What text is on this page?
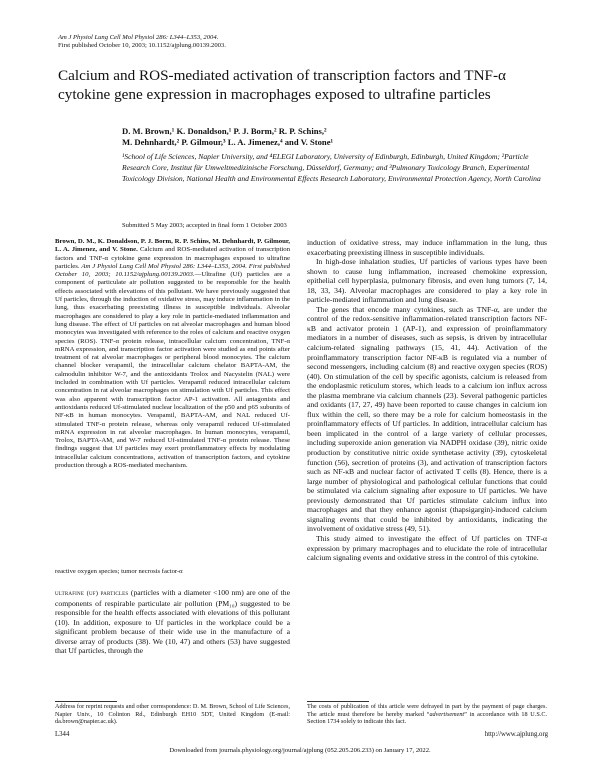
Am J Physiol Lung Cell Mol Physiol 286: L344–L353, 2004.
First published October 10, 2003; 10.1152/ajplung.00139.2003.
Calcium and ROS-mediated activation of transcription factors and TNF-α cytokine gene expression in macrophages exposed to ultrafine particles
D. M. Brown,¹ K. Donaldson,¹ P. J. Borm,² R. P. Schins,²
M. Dehnhardt,² P. Gilmour,³ L. A. Jimenez,⁴ and V. Stone¹
¹School of Life Sciences, Napier University, and ⁴ELEGI Laboratory, University of Edinburgh, Edinburgh, United Kingdom; ²Particle Research Core, Institut für Umweltmedizinische Forschung, Düsseldorf, Germany; and ³Pulmonary Toxicology Branch, Experimental Toxicology Division, National Health and Environmental Effects Research Laboratory, Environmental Protection Agency, North Carolina
Submitted 5 May 2003; accepted in final form 1 October 2003
Brown, D. M., K. Donaldson, P. J. Borm, R. P. Schins, M. Dehnhardt, P. Gilmour, L. A. Jimenez, and V. Stone. Calcium and ROS-mediated activation of transcription factors and TNF-α cytokine gene expression in macrophages exposed to ultrafine particles. Am J Physiol Lung Cell Mol Physiol 286: L344–L353, 2004. First published October 10, 2003; 10.1152/ajplung.00139.2003.—Ultrafine (Uf) particles are a component of particulate air pollution suggested to be responsible for the health effects associated with elevations of this pollutant. We have previously suggested that Uf particles, through the induction of oxidative stress, may induce inflammation in the lung, thus exacerbating preexisting illness in susceptible individuals. Alveolar macrophages are considered to play a key role in particle-mediated inflammation and lung disease. The effect of Uf particles on rat alveolar macrophages and human blood monocytes was investigated with reference to the roles of calcium and reactive oxygen species (ROS). TNF-α protein release, intracellular calcium concentration, TNF-α mRNA expression, and transcription factor activation were studied as end points after treatment of rat alveolar macrophages or peripheral blood monocytes. The calcium channel blocker verapamil, the intracellular calcium chelator BAPTA-AM, the calmodulin inhibitor W-7, and the antioxidants Trolox and Nacystelin (NAL) were included in combination with Uf particles. Verapamil reduced intracellular calcium concentration in rat alveolar macrophages on stimulation with Uf particles. This effect was also apparent with transcription factor AP-1 activation. All antagonists and antioxidants reduced Uf-stimulated nuclear localization of the p50 and p65 subunits of NF-κB in human monocytes. Verapamil, BAPTA-AM, and NAL reduced Uf-stimulated TNF-α protein release, whereas only verapamil reduced Uf-stimulated mRNA expression in rat alveolar macrophages. In human monocytes, verapamil, Trolox, BAPTA-AM, and W-7 reduced Uf-stimulated TNF-α protein release. These findings suggest that Uf particles may exert proinflammatory effects by modulating intracellular calcium concentrations, activation of transcription factors, and cytokine production through a ROS-mediated mechanism.
reactive oxygen species; tumor necrosis factor-α

ultrafine (uf) particles (particles with a diameter <100 nm) are one of the components of respirable particulate air pollution (PM₁₀) suggested to be responsible for the health effects associated with elevations of this pollutant (10). In addition, exposure to Uf particles in the workplace could be a significant problem because of their wide use in the manufacture of a diverse array of products (38). We (10, 47) and others (53) have suggested that Uf particles, through the

induction of oxidative stress, may induce inflammation in the lung, thus exacerbating preexisting illness in susceptible individuals.

In high-dose inhalation studies, Uf particles of various types have been shown to cause lung inflammation, increased chemokine expression, epithelial cell hyperplasia, pulmonary fibrosis, and even lung tumors (7, 14, 18, 33, 34). Alveolar macrophages are considered to play a key role in particle-mediated inflammation and lung disease.

The genes that encode many cytokines, such as TNF-α, are under the control of the redox-sensitive inflammation-related transcription factors NF-κB and activator protein 1 (AP-1), and expression of proinflammatory mediators in a number of diseases, such as sepsis, is driven by intracellular calcium-related signaling pathways (15, 41, 44). Activation of the proinflammatory transcription factor NF-κB is regulated via a number of second messengers, including calcium (8) and reactive oxygen species (ROS) (40). On stimulation of the cell by specific agonists, calcium is released from the endoplasmic reticulum stores, which leads to a calcium ion influx across the plasma membrane via calcium channels (23). Several pathogenic particles and oxidants (17, 27, 49) have been reported to cause changes in calcium ion flux within the cell, so there may be a role for calcium homeostasis in the proinflammatory effects of Uf particles. In addition, intracellular calcium has been implicated in the control of a large variety of cellular processes, including superoxide anion generation via NADPH oxidase (39), nitric oxide production by constitutive nitric oxide synthetase activity (39), cytoskeletal function (56), secretion of proteins (3), and activation of transcription factors such as NF-κB and nuclear factor of activated T cells (8). Hence, there is a large number of physiological and pathological cellular functions that could be stimulated via calcium signaling after exposure to Uf particles. We have previously demonstrated that Uf particles stimulate calcium influx into macrophages and that they enhance agonist (thapsigargin)-induced calcium signaling events that could be inhibited by antioxidants, indicating the involvement of oxidative stress (49, 51).

This study aimed to investigate the effect of Uf particles on TNF-α expression by primary macrophages and to elucidate the role of intracellular calcium signaling events and oxidative stress in the control of this cytokine.

Address for reprint requests and other correspondence: D. M. Brown, School of Life Sciences, Napier Univ., 10 Colinton Rd., Edinburgh EH10 5DT, United Kingdom (E-mail: da.brown@napier.ac.uk).
The costs of publication of this article were defrayed in part by the payment of page charges. The article must therefore be hereby marked “advertisement” in accordance with 18 U.S.C. Section 1734 solely to indicate this fact.
L344	http://www.ajplung.org
Downloaded from journals.physiology.org/journal/ajplung (052.205.206.233) on January 17, 2022.
